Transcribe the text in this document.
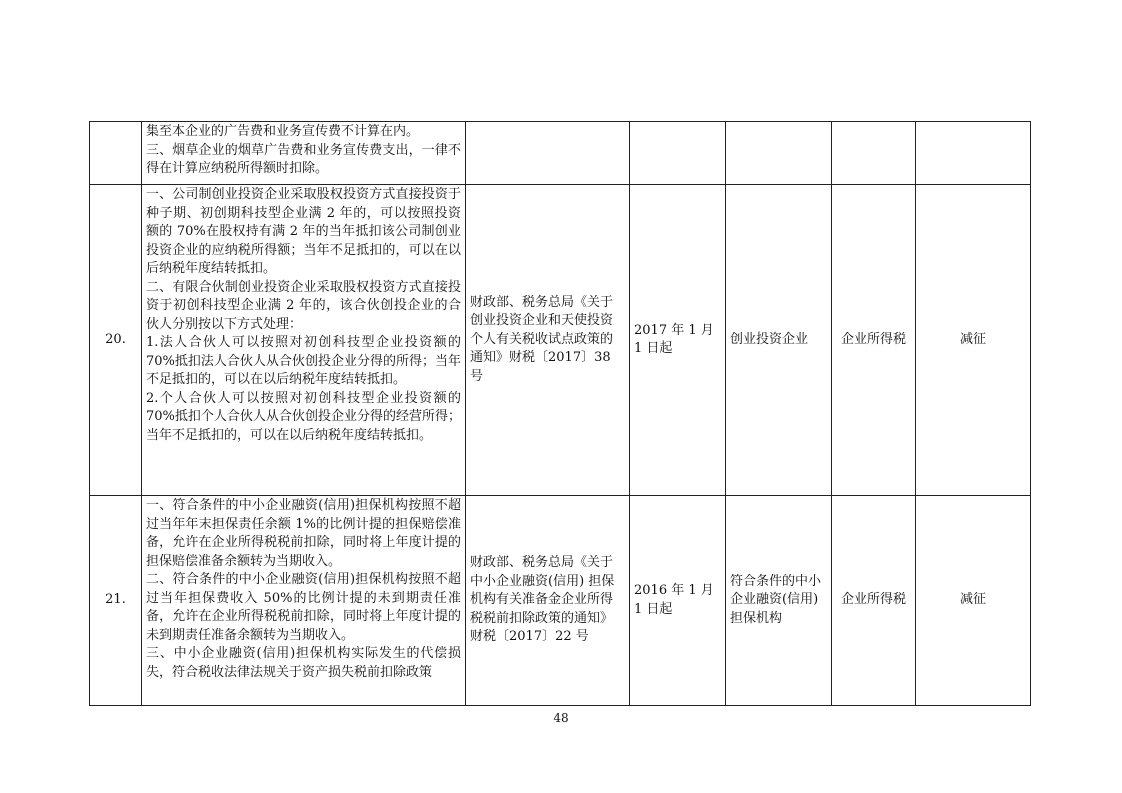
	集至本企业的广告费和业务宣传费不计算在内。
三、烟草企业的烟草广告费和业务宣传费支出，一律不得在计算应纳税所得额时扣除。					

20.	一、公司制创业投资企业采取股权投资方式直接投资于种子期、初创期科技型企业满 2 年的，可以按照投资额的 70%在股权持有满 2 年的当年抵扣该公司制创业投资企业的应纳税所得额；当年不足抵扣的，可以在以后纳税年度结转抵扣。
二、有限合伙制创业投资企业采取股权投资方式直接投资于初创科技型企业满 2 年的，该合伙创投企业的合伙人分别按以下方式处理：
1.法人合伙人可以按照对初创科技型企业投资额的 70%抵扣法人合伙人从合伙创投企业分得的所得；当年不足抵扣的，可以在以后纳税年度结转抵扣。
2.个人合伙人可以按照对初创科技型企业投资额的 70%抵扣个人合伙人从合伙创投企业分得的经营所得；当年不足抵扣的，可以在以后纳税年度结转抵扣。	财政部、税务总局《关于创业投资企业和天使投资个人有关税收试点政策的通知》财税〔2017〕38 号	2017 年 1 月 1 日起	创业投资企业	企业所得税	减征
21.	一、符合条件的中小企业融资(信用)担保机构按照不超过当年年末担保责任余额 1%的比例计提的担保赔偿准备，允许在企业所得税税前扣除，同时将上年度计提的担保赔偿准备余额转为当期收入。
二、符合条件的中小企业融资(信用)担保机构按照不超过当年担保费收入 50%的比例计提的未到期责任准备，允许在企业所得税税前扣除，同时将上年度计提的未到期责任准备余额转为当期收入。
三、中小企业融资(信用)担保机构实际发生的代偿损失，符合税收法律法规关于资产损失税前扣除政策	财政部、税务总局《关于中小企业融资(信用) 担保机构有关准备金企业所得税税前扣除政策的通知》财税〔2017〕22 号	2016 年 1 月 1 日起	符合条件的中小企业融资(信用)担保机构	企业所得税	减征
48
